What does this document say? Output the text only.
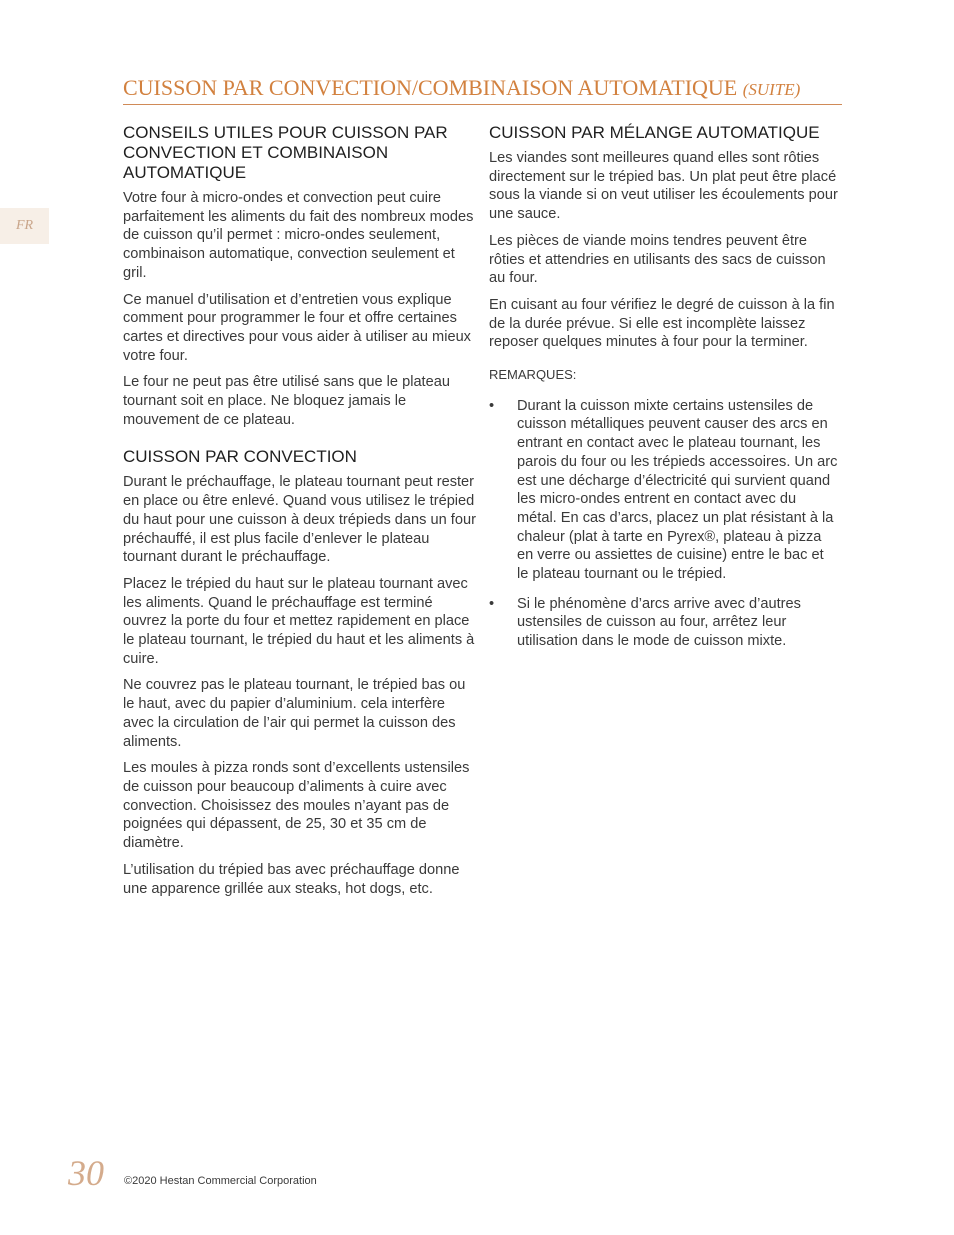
FR
CUISSON PAR CONVECTION/COMBINAISON AUTOMATIQUE (SUITE)
CONSEILS UTILES POUR CUISSON PAR CONVECTION ET COMBINAISON AUTOMATIQUE

Votre four à micro-ondes et convection peut cuire parfaitement les aliments du fait des nombreux modes de cuisson qu’il permet : micro-ondes seulement, combinaison automatique, convection seulement et gril.

Ce manuel d’utilisation et d’entretien vous explique comment pour programmer le four et offre certaines cartes et directives pour vous aider à utiliser au mieux votre four.

Le four ne peut pas être utilisé sans que le plateau tournant soit en place. Ne bloquez jamais le mouvement de ce plateau.

CUISSON PAR CONVECTION

Durant le préchauffage, le plateau tournant peut rester en place ou être enlevé. Quand vous utilisez le trépied du haut pour une cuisson à deux trépieds dans un four préchauffé, il est plus facile d’enlever le plateau tournant durant le préchauffage.

Placez le trépied du haut sur le plateau tournant avec les aliments. Quand le préchauffage est terminé ouvrez la porte du four et mettez rapidement en place le plateau tournant, le trépied du haut et les aliments à cuire.

Ne couvrez pas le plateau tournant, le trépied bas ou le haut, avec du papier d’aluminium. cela interfère avec la circulation de l’air qui permet la cuisson des aliments.

Les moules à pizza ronds sont d’excellents ustensiles de cuisson pour beaucoup d’aliments à cuire avec convection. Choisissez des moules n’ayant pas de poignées qui dépassent, de 25, 30 et 35 cm de diamètre.

L’utilisation du trépied bas avec préchauffage donne une apparence grillée aux steaks, hot dogs, etc.

CUISSON PAR MÉLANGE AUTOMATIQUE

Les viandes sont meilleures quand elles sont rôties directement sur le trépied bas. Un plat peut être placé sous la viande si on veut utiliser les écoulements pour une sauce.

Les pièces de viande moins tendres peuvent être rôties et attendries en utilisants des sacs de cuisson au four.

En cuisant au four vérifiez le degré de cuisson à la fin de la durée prévue. Si elle est incomplète laissez reposer quelques minutes à four pour la terminer.

REMARQUES:

• Durant la cuisson mixte certains ustensiles de cuisson métalliques peuvent causer des arcs en entrant en contact avec le plateau tournant, les parois du four ou les trépieds accessoires. Un arc est une décharge d’électricité qui survient quand les micro-ondes entrent en contact avec du métal. En cas d’arcs, placez un plat résistant à la chaleur (plat à tarte en Pyrex®, plateau à pizza en verre ou assiettes de cuisine) entre le bac et le plateau tournant ou le trépied.
• Si le phénomène d’arcs arrive avec d’autres ustensiles de cuisson au four, arrêtez leur utilisation dans le mode de cuisson mixte.
30 ©2020 Hestan Commercial Corporation
